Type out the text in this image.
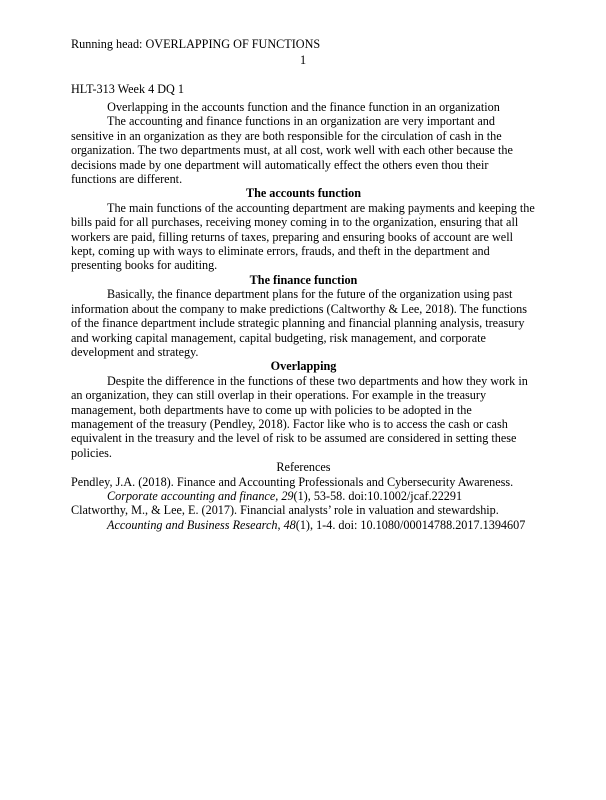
Running head: OVERLAPPING OF FUNCTIONS
1
HLT-313 Week 4 DQ 1

Overlapping in the accounts function and the finance function in an organization

The accounting and finance functions in an organization are very important and sensitive in an organization as they are both responsible for the circulation of cash in the organization. The two departments must, at all cost, work well with each other because the decisions made by one department will automatically effect the others even thou their functions are different.

The accounts function

The main functions of the accounting department are making payments and keeping the bills paid for all purchases, receiving money coming in to the organization, ensuring that all workers are paid, filling returns of taxes, preparing and ensuring books of account are well kept, coming up with ways to eliminate errors, frauds, and theft in the department and presenting books for auditing.

The finance function

Basically, the finance department plans for the future of the organization using past information about the company to make predictions (Caltworthy & Lee, 2018). The functions of the finance department include strategic planning and financial planning analysis, treasury and working capital management, capital budgeting, risk management, and corporate development and strategy.

Overlapping

Despite the difference in the functions of these two departments and how they work in an organization, they can still overlap in their operations. For example in the treasury management, both departments have to come up with policies to be adopted in the management of the treasury (Pendley, 2018). Factor like who is to access the cash or cash equivalent in the treasury and the level of risk to be assumed are considered in setting these policies.

References

Pendley, J.A. (2018). Finance and Accounting Professionals and Cybersecurity Awareness. Corporate accounting and finance, 29(1), 53-58. doi:10.1002/jcaf.22291

Clatworthy, M., & Lee, E. (2017). Financial analysts’ role in valuation and stewardship. Accounting and Business Research, 48(1), 1-4. doi: 10.1080/00014788.2017.1394607
